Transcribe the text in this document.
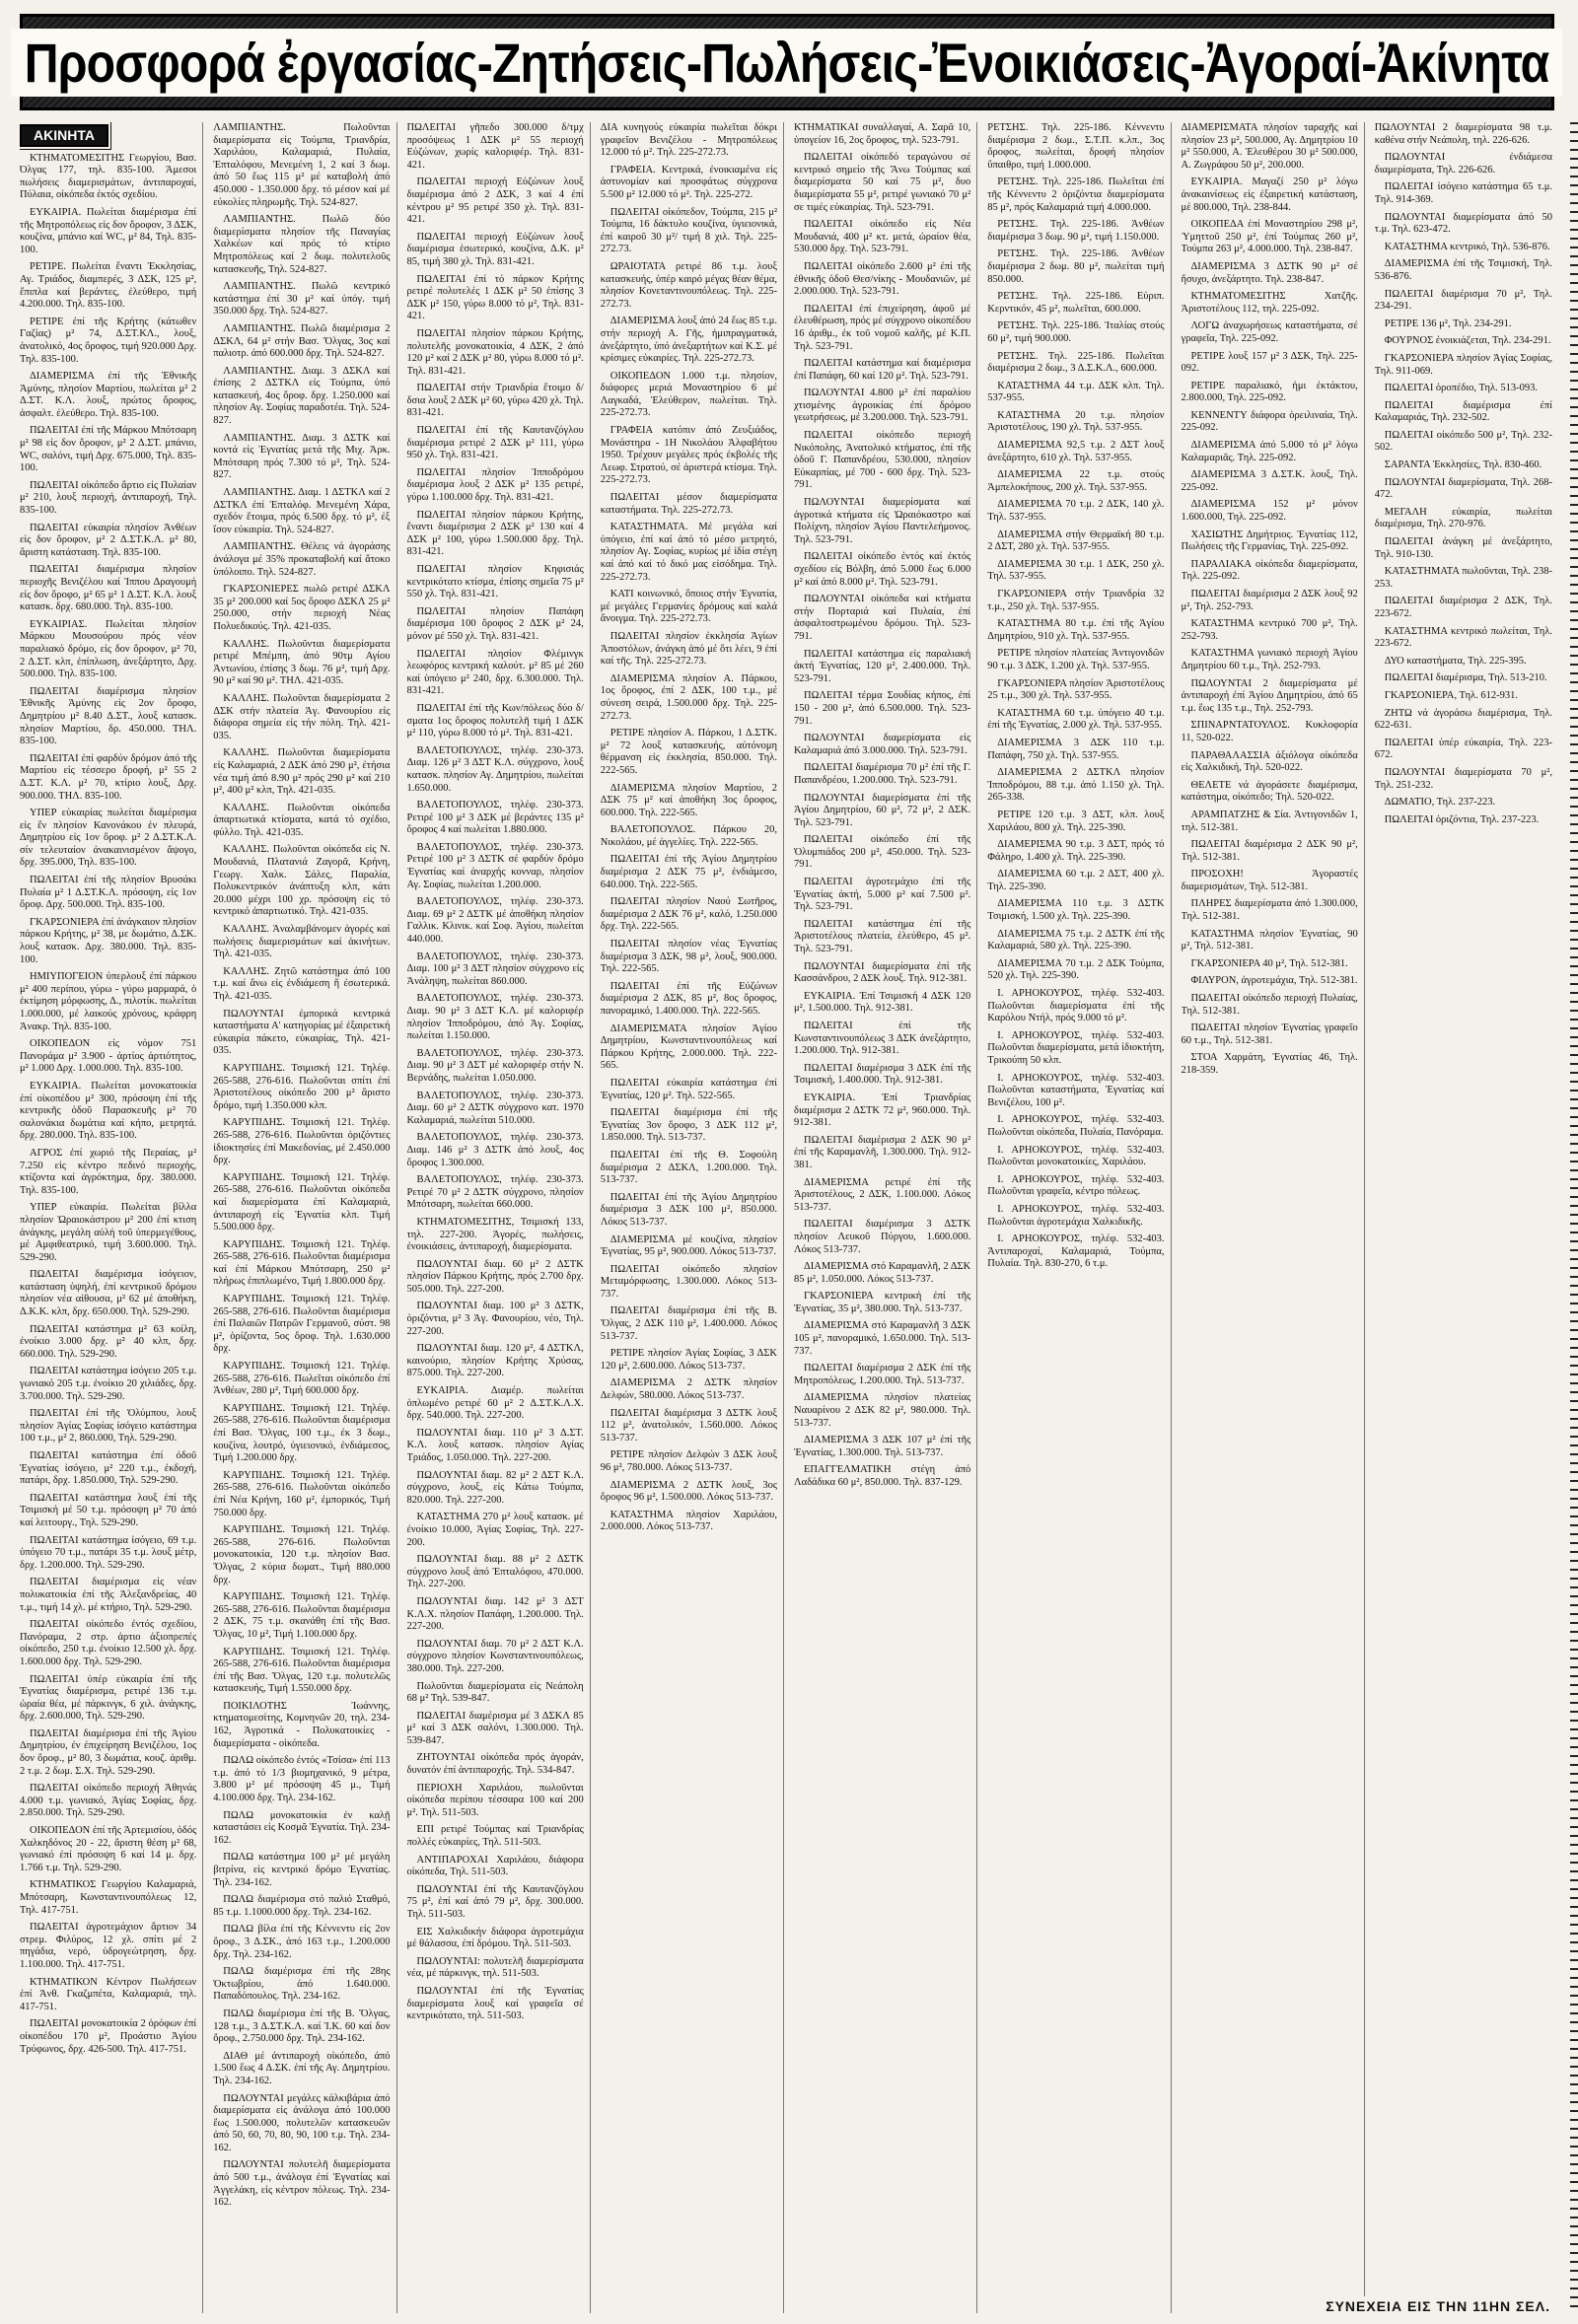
Προσφορά ἐργασίας-Ζητήσεις-Πωλήσεις-Ἐνοικιάσεις-Ἀγοραί-Ἀκίνητα
ΑΚΙΝΗΤΑ

ΚΤΗΜΑΤΟΜΕΣΙΤΗΣ Γεωργίου, Βασ. Όλγας 177, τηλ. 835-100. Άμεσοι πωλήσεις διαμερισμάτων, ἀντιπαροχαί, Πύλαια, οἰκόπεδα ἐκτός σχεδίου.

ΕΥΚΑΙΡΙΑ. Πωλείται διαμέρισμα ἐπί τῆς Μητροπόλεως εἰς δον ὄροφον, 3 ΔΣΚ, κουζίνα, μπάνιο καί WC, μ² 84, Τηλ. 835-100.

ΡΕΤΙΡΕ. Πωλείται ἔναντι Ἐκκλησίας, Αγ. Τριάδος, διαμπερές, 3 ΔΣΚ, 125 μ², ἔπιπλα καί βεράντες, ἐλεύθερο, τιμή 4.200.000. Τηλ. 835-100.

ΡΕΤΙΡΕ ἐπί τῆς Κρήτης (κάτωθεν Γαζίας) μ² 74, Δ.ΣΤ.ΚΛ., λουξ, ἀνατολικό, 4ος ὄροφος, τιμή 920.000 Δρχ. Τηλ. 835-100.

ΔΙΑΜΕΡΙΣΜΑ ἐπί τῆς Ἐθνικῆς Ἀμύνης, πλησίον Μαρτίου, πωλείται μ² 2 Δ.ΣΤ. Κ.Λ. λουξ, πρώτος ὄροφος, ἀσφαλτ. ἐλεύθερο. Τηλ. 835-100.

ΠΩΛΕΙΤΑΙ ἐπί τῆς Μάρκου Μπότσαρη μ² 98 εἰς δον ὄροφον, μ² 2 Δ.ΣΤ. μπάνιο, WC, σαλόνι, τιμή Δρχ. 675.000, Τηλ. 835-100.

ΠΩΛΕΙΤΑΙ οἰκόπεδο ἄρτιο εἰς Πυλαίαν μ² 210, λουξ περιοχή, ἀντιπαροχή, Τηλ. 835-100.

ΠΩΛΕΙΤΑΙ εὐκαιρία πλησίον Ἀνθέων εἰς δον ὄροφον, μ² 2 Δ.ΣΤ.Κ.Λ. μ² 80, ἄριστη κατάσταση. Τηλ. 835-100.

ΠΩΛΕΙΤΑΙ διαμέρισμα πλησίον περιοχῆς Βενιζέλου καί Ἰππου Δραγουμή εἰς δον ὄροφο, μ² 65 μ² 1 Δ.ΣΤ. Κ.Λ. λουξ κατασκ. δρχ. 680.000. Τηλ. 835-100.

ΕΥΚΑΙΡΙΑΣ. Πωλείται πλησίον Μάρκου Μουσούρου πρός νέον παραλιακό δρόμο, εἰς δον ὄροφον, μ² 70, 2 Δ.ΣΤ. κλπ, ἐπίπλωση, ἀνεξάρτητο, Δρχ. 500.000. Τηλ. 835-100.

ΠΩΛΕΙΤΑΙ διαμέρισμα πλησίον Ἐθνικῆς Ἀμύνης εἰς 2ον ὄροφο, Δημητρίου μ² 8.40 Δ.ΣΤ., λουξ κατασκ. πλησίον Μαρτίου, δρ. 450.000. ΤΗΛ. 835-100.

ΠΩΛΕΙΤΑΙ ἐπί φαρδύν δρόμον ἀπό τῆς Μαρτίου εἰς τέσσερο δροφή, μ² 55 2 Δ.ΣΤ. Κ.Λ. μ² 70, κτίριο λουξ, Δρχ. 900.000. ΤΗΛ. 835-100.

ΥΠΕΡ εὐκαιρίας πωλείται διαμέρισμα εἰς ἔν πλησίον Κανονάκου ἐν πλευρά, Δημητρίου εἰς 1ον ὄροφ. μ² 2 Δ.ΣΤ.Κ.Λ. σίν τελευταίον ἀνακαινισμένον ἄψογο, δρχ. 395.000, Τηλ. 835-100.

ΠΩΛΕΙΤΑΙ ἐπί τῆς πλησίον Βρυσάκι Πυλαία μ² 1 Δ.ΣΤ.Κ.Λ. πρόσοψη, εἰς 1ον ὄροφ. Δρχ. 500.000. Τηλ. 835-100.

ΓΚΑΡΣΟΝΙΕΡΑ ἐπί ἀνάγκαιον πλησίον πάρκου Κρήτης, μ² 38, με δωμάτιο, Δ.ΣΚ. λουξ κατασκ. Δρχ. 380.000. Τηλ. 835-100.

ΗΜΙΥΠΟΓΕΙΟΝ ὑπερλουξ ἐπί πάρκου μ² 400 περίπου, γύρω - γύρω μαρμαρά, ὁ ἐκτίμηση μόρφωσης, Δ., πιλοτίκ. πωλείται 1.000.000, μέ λαικούς χρόνους, κράφρη Ἀνακρ. Τηλ. 835-100.

ΟΙΚΟΠΕΔΟΝ εἰς νόμον 751 Πανοράμα μ² 3.900 - ἀρτίος ἀρτιότητος, μ² 1.000 Δρχ. 1.000.000. Τηλ. 835-100.

ΕΥΚΑΙΡΙΑ. Πωλείται μονοκατοικία ἐπί οἰκοπέδου μ² 300, πρόσοψη ἐπί τῆς κεντρικῆς ὁδοῦ Παρασκευῆς μ² 70 σαλονάκια δωμάτια καί κήπο, μετρητά. δρχ. 280.000. Τηλ. 835-100.

ΑΓΡΟΣ ἐπί χωριό τῆς Περαίας, μ² 7.250 εἰς κέντρο πεδινό περιοχής, κτίζοντα καί ἀγρόκτημα, δρχ. 380.000. Τηλ. 835-100.

ΥΠΕΡ εὐκαιρία. Πωλείται βίλλα πλησίον Ὡραιοκάστρου μ² 200 ἐπί κτιση ἀνάγκης, μεγάλη αὐλή τοῦ ὑπερμεγέθους, μέ Αμφιθεατρικό, τιμή 3.600.000. Τηλ. 529-290.

ΠΩΛΕΙΤΑΙ διαμέρισμα ἰσόγειον, κατάσταση ὑψηλή, ἐπί κεντρικοῦ δρόμου πλησίον νέα αἰθουσα, μ² 62 μέ ἀποθήκη, Δ.Κ.Κ. κλπ, δρχ. 650.000. Τηλ. 529-290.

ΠΩΛΕΙΤΑΙ κατάστημα μ² 63 κοίλη, ἐνοίκιο 3.000 δρχ. μ² 40 κλπ, δρχ. 660.000. Τηλ. 529-290.

ΠΩΛΕΙΤΑΙ κατάστημα ἰσόγειο 205 τ.μ. γωνιακό 205 τ.μ. ἐνοίκιο 20 χιλιάδες, δρχ. 3.700.000. Τηλ. 529-290.

ΠΩΛΕΙΤΑΙ ἐπί τῆς Ὀλύμπου, λουξ πλησίον Ἀγίας Σοφίας ἰσόγειο κατάστημα 100 τ.μ., μ² 2, 860.000, Τηλ. 529-290.

ΠΩΛΕΙΤΑΙ κατάστημα ἐπί ὁδοῦ Ἐγνατίας ἰσόγειο, μ² 220 τ.μ., ἐκδοχή, πατάρι, δρχ. 1.850.000, Τηλ. 529-290.

ΠΩΛΕΙΤΑΙ κατάστημα λουξ ἐπί τῆς Τσιμισκή μέ 50 τ.μ. πρόσοψη μ² 70 ἀπό καί λειτουργ., Τηλ. 529-290.

ΠΩΛΕΙΤΑΙ κατάστημα ἰσόγειο, 69 τ.μ. ὑπόγειο 70 τ.μ., πατάρι 35 τ.μ. λουξ μέτρ, δρχ. 1.200.000. Τηλ. 529-290.

ΠΩΛΕΙΤΑΙ διαμέρισμα εἰς νέαν πολυκατοικία ἐπί τῆς Ἀλεξανδρείας, 40 τ.μ., τιμή 14 χλ. μέ κτήριο, Τηλ. 529-290.

ΠΩΛΕΙΤΑΙ οἰκόπεδο ἐντός σχεδίου, Πανόραμα, 2 στρ. ἀρτιο ἀξιοπρεπές οἰκόπεδο, 250 τ.μ. ἐνοίκιο 12.500 χλ. δρχ. 1.600.000 δρχ. Τηλ. 529-290.

ΠΩΛΕΙΤΑΙ ὑπέρ εὐκαιρία ἐπί τῆς Ἐγνατίας διαμέρισμα, ρετιρέ 136 τ.μ. ὡραία θέα, μέ πάρκινγκ, 6 χιλ. ἀνάγκης, δρχ. 2.600.000, Τηλ. 529-290.

ΠΩΛΕΙΤΑΙ διαμέρισμα ἐπί τῆς Ἀγίου Δημητρίου, ἐν ἐπιχείρηση Βενιζέλου, 1ος δον ὄροφ., μ² 80, 3 δωμάτια, κουζ. ἀριθμ. 2 τ.μ. 2 δωμ. Σ.Χ. Τηλ. 529-290.

ΠΩΛΕΙΤΑΙ οἰκόπεδο περιοχή Ἀθηνάς 4.000 τ.μ. γωνιακό, Ἀγίας Σοφίας, δρχ. 2.850.000. Τηλ. 529-290.

ΟΙΚΟΠΕΔΟΝ ἐπί τῆς Ἀρτεμισίου, ὁδός Χαλκηδόνος 20 - 22, ἄριστη θέση μ² 68, γωνιακό ἐπί πρόσοψη 6 καί 14 μ. δρχ. 1.766 τ.μ. Τηλ. 529-290.

ΚΤΗΜΑΤΙΚΟΣ Γεωργίου Καλαμαριά, Μπότσαρη, Κωνσταντινουπόλεως 12, Τηλ. 417-751.

ΠΩΛΕΙΤΑΙ ἀγροτεμάχιον ἄρτιον 34 στρεμ. Φιλύρος, 12 χλ. σπίτι μέ 2 πηγάδια, νερό, ὑδρογεώτρηση, δρχ. 1.100.000. Τηλ. 417-751.

ΚΤΗΜΑΤΙΚΟΝ Κέντρον Πωλήσεων ἐπί Ἀνθ. Γκαζμπέτα, Καλαμαριά, τηλ. 417-751.

ΠΩΛΕΙΤΑΙ μονοκατοικία 2 ὀρόφων ἐπί οἰκοπέδου 170 μ², Προάστιο Ἀγίου Τρύφωνος, δρχ. 426-500. Τηλ. 417-751.

ΛΑΜΠΙΑΝΤΗΣ. Πωλοῦνται διαμερίσματα εἰς Τούμπα, Τριανδρία, Χαριλάου, Καλαμαριά, Πυλαία, Ἐπταλόφου, Μενεμένη 1, 2 καί 3 δωμ. ἀπό 50 ἕως 115 μ² μέ καταβολή ἀπό 450.000 - 1.350.000 δρχ. τό μέσον καί μέ εὐκολίες πληρωμῆς. Τηλ. 524-827.

ΛΑΜΠΙΑΝΤΗΣ. Πωλῶ δύο διαμερίσματα πλησίον τῆς Παναγίας Χαλκέων καί πρός τό κτίριο Μητροπόλεως καί 2 δωμ. πολυτελοῦς κατασκευῆς, Τηλ. 524-827.

ΛΑΜΠΙΑΝΤΗΣ. Πωλῶ κεντρικό κατάστημα ἐπί 30 μ² καί ὑπόγ. τιμή 350.000 δρχ. Τηλ. 524-827.

ΛΑΜΠΙΑΝΤΗΣ. Πωλῶ διαμέρισμα 2 ΔΣΚΛ, 64 μ² στήν Βασ. Ὄλγας, 3ος καί παλιοτρ. ἀπό 600.000 δρχ. Τηλ. 524-827.

ΛΑΜΠΙΑΝΤΗΣ. Διαμ. 3 ΔΣΚΛ καί ἐπίσης 2 ΔΣΤΚΛ εἰς Τούμπα, ὑπό κατασκευή, 4ος ὄροφ. δρχ. 1.250.000 καί πλησίον Αγ. Σοφίας παραδοτέα. Τηλ. 524-827.

ΛΑΜΠΙΑΝΤΗΣ. Διαμ. 3 ΔΣΤΚ καί κοντά εἰς Ἐγνατίας μετά τῆς Μιχ. Ἀρκ. Μπότσαρη πρός 7.300 τό μ², Τηλ. 524-827.

ΛΑΜΠΙΑΝΤΗΣ. Διαμ. 1 ΔΣΤΚΛ καί 2 ΔΣΤΚΛ ἐπί Ἐπταλόφ. Μενεμένη Χάρα, σχεδόν ἔτοιμα, πρός 6.500 δρχ. τό μ², ἐξ ἴσον εὐκαιρία. Τηλ. 524-827.

ΛΑΜΠΙΑΝΤΗΣ. Θέλεις νά ἀγοράσης ἀνάλογα μέ 35% προκαταβολή καί ἄτοκο ὑπόλοιπο. Τηλ. 524-827.

ΓΚΑΡΣΟΝΙΕΡΕΣ πωλῶ ρετιρέ ΔΣΚΛ 35 μ² 200.000 καί 5ος ὄροφο ΔΣΚΛ 25 μ² 250.000, στήν περιοχή Νέας Πολυεδικούς. Τηλ. 421-035.

ΚΑΛΛΗΣ. Πωλοῦνται διαμερίσματα ρετιρέ Μπέμπη, ἀπό 90τμ Αγίου Ἀντωνίου, ἐπίσης 3 δωμ. 76 μ², τιμή Δρχ. 90 μ² καί 90 μ². ΤΗΛ. 421-035.

ΚΑΛΛΗΣ. Πωλοῦνται διαμερίσματα 2 ΔΣΚ στήν πλατεία Ἀγ. Φανουρίου εἰς διάφορα σημεία εἰς τήν πόλη. Τηλ. 421-035.

ΚΑΛΛΗΣ. Πωλοῦνται διαμερίσματα εἰς Καλαμαριά, 2 ΔΣΚ ἀπό 290 μ², ἐτήσια νέα τιμή ἀπό 8.90 μ² πρός 290 μ² καί 210 μ², 400 μ² κλπ, Τηλ. 421-035.

ΚΑΛΛΗΣ. Πωλοῦνται οἰκόπεδα ἀπαρτιωτικά κτίσματα, κατά τό σχέδιο, φύλλο. Τηλ. 421-035.

ΚΑΛΛΗΣ. Πωλοῦνται οἰκόπεδα εἰς Ν. Μουδανιά, Πλατανιά Ζαγορᾶ, Κρήνη, Γεωργ. Χαλκ. Σάλες, Παραλία, Πολυκεντρικόν ἀνάπτυξη κλπ, κάτι 20.000 μέχρι 100 χρ. πρόσοψη εἰς τό κεντρικό ἀπαρτιωτικό. Τηλ. 421-035.

ΚΑΛΛΗΣ. Ἀναλαμβάνομεν ἀγορές καί πωλήσεις διαμερισμάτων καί ἀκινήτων. Τηλ. 421-035.

ΚΑΛΛΗΣ. Ζητῶ κατάστημα ἀπό 100 τ.μ. καί ἄνω εἰς ἐνδιάμεση ἤ ἐσωτερικά. Τηλ. 421-035.

ΠΩΛΟΥΝΤΑΙ ἐμπορικά κεντρικά καταστήματα Α' κατηγορίας μέ ἐξαιρετική εὐκαιρία πάκετο, εὐκαιρίας, Τηλ. 421-035.

ΚΑΡΥΠΙΔΗΣ. Τσιμισκή 121. Τηλέφ. 265-588, 276-616. Πωλοῦνται σπίτι ἐπί Ἀριστοτέλους οἰκόπεδο 200 μ² ἄριστο δρόμο, τιμή 1.350.000 κλπ.

ΚΑΡΥΠΙΔΗΣ. Τσιμισκή 121. Τηλέφ. 265-588, 276-616. Πωλοῦνται ὁριζόντιες ἰδιοκτησίες ἐπί Μακεδονίας, μέ 2.450.000 δρχ.

ΚΑΡΥΠΙΔΗΣ. Τσιμισκή 121. Τηλέφ. 265-588, 276-616. Πωλοῦνται οἰκόπεδα καί διαμερίσματα ἐπί Καλαμαριά, ἀντιπαροχή εἰς Ἐγνατία κλπ. Τιμή 5.500.000 δρχ.

ΚΑΡΥΠΙΔΗΣ. Τσιμισκή 121. Τηλέφ. 265-588, 276-616. Πωλοῦνται διαμέρισμα καί ἐπί Μάρκου Μπότσαρη, 250 μ² πλήρως ἐπιπλωμένο, Τιμή 1.800.000 δρχ.

ΚΑΡΥΠΙΔΗΣ. Τσιμισκή 121. Τηλέφ. 265-588, 276-616. Πωλοῦνται διαμέρισμα ἐπί Παλαιῶν Πατρῶν Γερμανοῦ, σύστ. 98 μ², ὁρίζοντα, 5ος ὄροφ. Τηλ. 1.630.000 δρχ.

ΚΑΡΥΠΙΔΗΣ. Τσιμισκή 121. Τηλέφ. 265-588, 276-616. Πωλεῖται οἰκόπεδο ἐπί Ἀνθέων, 280 μ², Τιμή 600.000 δρχ.

ΚΑΡΥΠΙΔΗΣ. Τσιμισκή 121. Τηλέφ. 265-588, 276-616. Πωλοῦνται διαμέρισμα ἐπί Βασ. Ὄλγας, 100 τ.μ., ἐκ 3 δωμ., κουζίνα, λουτρό, ὑγιειονικό, ἐνδιάμεσος, Τιμή 1.200.000 δρχ.

ΚΑΡΥΠΙΔΗΣ. Τσιμισκή 121. Τηλέφ. 265-588, 276-616. Πωλοῦνται οἰκόπεδο ἐπί Νέα Κρήνη, 160 μ², ἐμπορικός, Τιμή 750.000 δρχ.

ΚΑΡΥΠΙΔΗΣ. Τσιμισκή 121. Τηλέφ. 265-588, 276-616. Πωλοῦνται μονοκατοικία, 120 τ.μ. πλησίον Βασ. Ὄλγας, 2 κύρια δωματ., Τιμή 880.000 δρχ.

ΚΑΡΥΠΙΔΗΣ. Τσιμισκή 121. Τηλέφ. 265-588, 276-616. Πωλοῦνται διαμέρισμα 2 ΔΣΚ, 75 τ.μ. σκανάθη ἐπί τῆς Βασ. Ὄλγας, 10 μ², Τιμή 1.100.000 δρχ.

ΚΑΡΥΠΙΔΗΣ. Τσιμισκή 121. Τηλέφ. 265-588, 276-616. Πωλοῦνται διαμέρισμα ἐπί τῆς Βασ. Ὄλγας, 120 τ.μ. πολυτελῶς κατασκευής, Τιμή 1.550.000 δρχ.

ΠΟΙΚΙΛΟΤΗΣ Ἰωάννης, κτηματομεσίτης, Κομνηνῶν 20, τηλ. 234-162, Ἀγροτικά - Πολυκατοικίες - διαμερίσματα - οἰκόπεδα.

ΠΩΛΩ οἰκόπεδο ἐντός «Τσίσα» ἐπί 113 τ.μ. ἀπό τό 1/3 βιομηχανικό, 9 μέτρα, 3.800 μ² μέ πρόσοψη 45 μ., Τιμή 4.100.000 δρχ. Τηλ. 234-162.

ΠΩΛΩ μονοκατοικία ἐν καλῇ καταστάσει εἰς Κοσμᾶ Ἐγνατία. Τηλ. 234-162.

ΠΩΛΩ κατάστημα 100 μ² μέ μεγάλη βιτρίνα, εἰς κεντρικό δρόμο Ἐγνατίας. Τηλ. 234-162.

ΠΩΛΩ διαμέρισμα στό παλιό Σταθμό, 85 τ.μ. 1.1000.000 δρχ. Τηλ. 234-162.

ΠΩΛΩ βίλα ἐπί τῆς Κέννεντυ εἰς 2ον ὄροφ., 3 Δ.ΣΚ., ἀπό 163 τ.μ., 1.200.000 δρχ. Τηλ. 234-162.

ΠΩΛΩ διαμέρισμα ἐπί τῆς 28ης Ὀκτωβρίου, ἀπό 1.640.000. Παπαδόπουλος. Τηλ. 234-162.

ΠΩΛΩ διαμέρισμα ἐπί τῆς Β. Ὄλγας, 128 τ.μ., 3 Δ.ΣΤ.Κ.Λ. καί Ἰ.Κ. 60 καί δον ὄροφ., 2.750.000 δρχ. Τηλ. 234-162.

ΔΙΑΘ μέ ἀντιπαροχή οἰκόπεδο, ἀπό 1.500 ἕως 4 Δ.ΣΚ. ἐπί τῆς Αγ. Δημητρίου. Τηλ. 234-162.

ΠΩΛΟΥΝΤΑΙ μεγάλες κάλκιβάρια ἀπό διαμερίσματα εἰς ἀνάλογα ἀπό 100.000 ἕως 1.500.000, πολυτελῶν κατασκευῶν ἀπό 50, 60, 70, 80, 90, 100 τ.μ. Τηλ. 234-162.

ΠΩΛΟΥΝΤΑΙ πολυτελῆ διαμερίσματα ἀπό 500 τ.μ., ἀνάλογα ἐπί Ἐγνατίας καί Ἀγγελάκη, εἰς κέντρον πόλεως. Τηλ. 234-162.

ΠΩΛΕΙΤΑΙ γῆπεδο 300.000 δ/τμχ προσόψεως 1 ΔΣΚ μ² 55 περιοχή Εὐζώνων, χωρίς καλοριφέρ. Τηλ. 831-421.

ΠΩΛΕΙΤΑΙ περιοχή Εὐζώνων λουξ διαμέρισμα ἀπό 2 ΔΣΚ, 3 καί 4 ἐπί κέντρου μ² 95 ρετιρέ 350 χλ. Τηλ. 831-421.

ΠΩΛΕΙΤΑΙ περιοχή Εὐζώνων λουξ διαμέρισμα ἑσωτερικό, κουζίνα, Δ.Κ. μ² 85, τιμή 380 χλ. Τηλ. 831-421.

ΠΩΛΕΙΤΑΙ ἐπί τό πάρκον Κρήτης ρετιρέ πολυτελές 1 ΔΣΚ μ² 50 ἐπίσης 3 ΔΣΚ μ² 150, γύρω 8.000 τό μ², Τηλ. 831-421.

ΠΩΛΕΙΤΑΙ πλησίον πάρκου Κρήτης, πολυτελῆς μονοκατοικία, 4 ΔΣΚ, 2 ἀπό 120 μ² καί 2 ΔΣΚ μ² 80, γύρω 8.000 τό μ². Τηλ. 831-421.

ΠΩΛΕΙΤΑΙ στήν Τριανδρία ἔτοιμο δ/δσια λουξ 2 ΔΣΚ μ² 60, γύρω 420 χλ. Τηλ. 831-421.

ΠΩΛΕΙΤΑΙ ἐπί τῆς Καυτανζόγλου διαμέρισμα ρετιρέ 2 ΔΣΚ μ² 111, γύρω 950 χλ. Τηλ. 831-421.

ΠΩΛΕΙΤΑΙ πλησίον Ἱπποδρόμου διαμέρισμα λουξ 2 ΔΣΚ μ² 135 ρετιρέ, γύρω 1.100.000 δρχ. Τηλ. 831-421.

ΠΩΛΕΙΤΑΙ πλησίον πάρκου Κρήτης, ἔναντι διαμέρισμα 2 ΔΣΚ μ² 130 καί 4 ΔΣΚ μ² 100, γύρω 1.500.000 δρχ. Τηλ. 831-421.

ΠΩΛΕΙΤΑΙ πλησίον Κηφισιάς κεντρικότατο κτίσμα, ἐπίσης σημεῖα 75 μ² 550 χλ. Τηλ. 831-421.

ΠΩΛΕΙΤΑΙ πλησίον Παπάφη διαμέρισμα 100 ὄροφος 2 ΔΣΚ μ² 24, μόνον μέ 550 χλ. Τηλ. 831-421.

ΠΩΛΕΙΤΑΙ πλησίον Φλέμινγκ λεωφόρος κεντρική καλούτ. μ² 85 μέ 260 καί ὑπόγειο μ² 240, δρχ. 6.300.000. Τηλ. 831-421.

ΠΩΛΕΙΤΑΙ ἐπί τῆς Κων/πόλεως δύο δ/σματα 1ος ὄροφος πολυτελῆ τιμή 1 ΔΣΚ μ² 110, γύρω 8.000 τό μ². Τηλ. 831-421.

ΒΑΛΕΤΟΠΟΥΛΟΣ, τηλέφ. 230-373. Διαμ. 126 μ² 3 ΔΣΤ Κ.Λ. σύγχρονο, λουξ κατασκ. πλησίον Αγ. Δημητρίου, πωλείται 1.650.000.

ΒΑΛΕΤΟΠΟΥΛΟΣ, τηλέφ. 230-373. Ρετιρέ 100 μ² 3 ΔΣΚ μέ βεράντες 135 μ² ὄροφος 4 καί πωλείται 1.880.000.

ΒΑΛΕΤΟΠΟΥΛΟΣ, τηλέφ. 230-373. Ρετιρέ 100 μ² 3 ΔΣΤΚ σέ φαρδύν δρόμο Ἐγνατίας καί ἀναρχής κονναρ, πλησίον Αγ. Σοφίας, πωλείται 1.200.000.

ΒΑΛΕΤΟΠΟΥΛΟΣ, τηλέφ. 230-373. Διαμ. 69 μ² 2 ΔΣΤΚ μέ ἀποθήκη πλησίον Γαλλικ. Κλινικ. καί Σοφ. Ἀγίου, πωλείται 440.000.

ΒΑΛΕΤΟΠΟΥΛΟΣ, τηλέφ. 230-373. Διαμ. 100 μ² 3 ΔΣΤ πλησίον σύγχρονο εἰς Ἀνάληψη, πωλείται 860.000.

ΒΑΛΕΤΟΠΟΥΛΟΣ, τηλέφ. 230-373. Διαμ. 90 μ² 3 ΔΣΤ Κ.Λ. μέ καλοριφέρ πλησίον Ἱπποδρόμου, ἀπό Ἀγ. Σοφίας, πωλείται 1.150.000.

ΒΑΛΕΤΟΠΟΥΛΟΣ, τηλέφ. 230-373. Διαμ. 90 μ² 3 ΔΣΤ μέ καλοριφέρ στήν Ν. Βερνάδης, πωλείται 1.050.000.

ΒΑΛΕΤΟΠΟΥΛΟΣ, τηλέφ. 230-373. Διαμ. 60 μ² 2 ΔΣΤΚ σύγχρονο κατ. 1970 Καλαμαριά, πωλείται 510.000.

ΒΑΛΕΤΟΠΟΥΛΟΣ, τηλέφ. 230-373. Διαμ. 146 μ² 3 ΔΣΤΚ ἀπό λουξ, 4ος ὄροφος 1.300.000.

ΒΑΛΕΤΟΠΟΥΛΟΣ, τηλέφ. 230-373. Ρετιρέ 70 μ² 2 ΔΣΤΚ σύγχρονο, πλησίον Μπότσαρη, πωλείται 660.000.

ΚΤΗΜΑΤΟΜΕΣΙΤΗΣ, Τσιμισκή 133, τηλ. 227-200. Ἀγορές, πωλήσεις, ἐνοικιάσεις, ἀντιπαροχή, διαμερίσματα.

ΠΩΛΟΥΝΤΑΙ διαμ. 60 μ² 2 ΔΣΤΚ πλησίον Πάρκου Κρήτης, πρός 2.700 δρχ. 505.000. Τηλ. 227-200.

ΠΩΛΟΥΝΤΑΙ διαμ. 100 μ² 3 ΔΣΤΚ, ὁριζόντια, μ² 3 Ἀγ. Φανουρίου, νέο, Τηλ. 227-200.

ΠΩΛΟΥΝΤΑΙ διαμ. 120 μ², 4 ΔΣΤΚΛ, καινούριο, πλησίον Κρήτης Χρύσας, 875.000. Τηλ. 227-200.

ΕΥΚΑΙΡΙΑ. Διαμέρ. πωλείται ὁπλωμένο ρετιρέ 60 μ² 2 Δ.ΣΤ.Κ.Λ.Χ. δρχ. 540.000. Τηλ. 227-200.

ΠΩΛΟΥΝΤΑΙ διαμ. 110 μ² 3 Δ.ΣΤ. Κ.Λ. λουξ κατασκ. πλησίον Αγίας Τριάδος, 1.050.000. Τηλ. 227-200.

ΠΩΛΟΥΝΤΑΙ διαμ. 82 μ² 2 ΔΣΤ Κ.Λ. σύγχρονο, λουξ, εἰς Κάτω Τούμπα, 820.000. Τηλ. 227-200.

ΚΑΤΑΣΤΗΜΑ 270 μ² λουξ κατασκ. μέ ἐνοίκιο 10.000, Ἀγίας Σοφίας, Τηλ. 227-200.

ΠΩΛΟΥΝΤΑΙ διαμ. 88 μ² 2 ΔΣΤΚ σύγχρονο λουξ ἀπό Ἐπταλόφου, 470.000. Τηλ. 227-200.

ΠΩΛΟΥΝΤΑΙ διαμ. 142 μ² 3 ΔΣΤ Κ.Λ.Χ. πλησίον Παπάφη, 1.200.000. Τηλ. 227-200.

ΠΩΛΟΥΝΤΑΙ διαμ. 70 μ² 2 ΔΣΤ Κ.Λ. σύγχρονο πλησίον Κωνσταντινουπόλεως, 380.000. Τηλ. 227-200.

Πωλοῦνται διαμερίσματα εἰς Νεάπολη 68 μ² Τηλ. 539-847.

ΠΩΛΕΙΤΑΙ διαμέρισμα μέ 3 ΔΣΚΛ 85 μ² καί 3 ΔΣΚ σαλόνι, 1.300.000. Τηλ. 539-847.

ΖΗΤΟΥΝΤΑΙ οἰκόπεδα πρός ἀγοράν, δυνατόν ἐπί ἀντιπαροχής. Τηλ. 534-847.

ΠΕΡΙΟΧΗ Χαριλάου, πωλοῦνται οἰκόπεδα περίπου τέσσαρα 100 καί 200 μ². Τηλ. 511-503.

ΕΠΙ ρετιρέ Τούμπας καί Τριανδρίας πολλές εὐκαιρίες, Τηλ. 511-503.

ΑΝΤΙΠΑΡΟΧΑΙ Χαριλάου, διάφορα οἰκόπεδα, Τηλ. 511-503.

ΠΩΛΟΥΝΤΑΙ ἐπί τῆς Καυτανζόγλου 75 μ², ἐπί καί ἀπό 79 μ², δρχ. 300.000. Τηλ. 511-503.

ΕΙΣ Χαλκιδικήν διάφορα ἀγροτεμάχια μέ θάλασσα, ἐπί δρόμου. Τηλ. 511-503.

ΠΩΛΟΥΝΤΑΙ: πολυτελῆ διαμερίσματα νέα, μέ πάρκινγκ, τηλ. 511-503.

ΠΩΛΟΥΝΤΑΙ ἐπί τῆς Ἐγνατίας διαμερίσματα λουξ καί γραφεῖα σέ κεντρικότατο, τηλ. 511-503.

ΔΙΑ κυνηγούς εὐκαιρία πωλεῖται δόκρι γραφεῖον Βενιζέλου - Μητροπόλεως 12.000 τό μ². Τηλ. 225-272.73.

ΓΡΑΦΕΙΑ. Κεντρικά, ἐνοικιαμένα εἰς ἀστυνομίαν καί προσφάτως σύγχρονα 5.500 μ² 12.000 τό μ². Τηλ. 225-272.

ΠΩΛΕΙΤΑΙ οἰκόπεδον, Τούμπα, 215 μ² Τούμπα, 16 δάκτυλο κουζίνα, ὑγιειονικά, ἐπί καιροῦ 30 μ²/ τιμή 8 χιλ. Τηλ. 225-272.73.

ΩΡΑΙΟΤΑΤΑ ρετιρέ 86 τ.μ. λουξ κατασκευής, ὑπέρ καιρό μέγας θέαν θέμα, πλησίον Κονεταντινουπόλεως. Τηλ. 225-272.73.

ΔΙΑΜΕΡΙΣΜΑ λουξ ἀπό 24 ἕως 85 τ.μ. στήν περιοχή Α. Γῆς, ἡμιπραγματικά, ἀνεξάρτητο, ὑπό ἀνεξαρτήτων καί Κ.Σ. μέ κρίσιμες εὐκαιρίες. Τηλ. 225-272.73.

ΟΙΚΟΠΕΔΟΝ 1.000 τ.μ. πλησίον, διάφορες μεριά Μοναστηρίου 6 μέ Λαγκαδά, Ἐλεύθερον, πωλείται. Τηλ. 225-272.73.

ΓΡΑΦΕΙΑ κατόπιν ἀπό Ζευξιάδος, Μονάστηρα - 1Η Νικολάου Ἀλφαβήτου 1950. Τρέχουν μεγάλες πρός ἐκβολές τῆς Λεωφ. Στρατού, σέ ἀριστερά κτίσμα. Τηλ. 225-272.73.

ΠΩΛΕΙΤΑΙ μέσον διαμερίσματα καταστήματα. Τηλ. 225-272.73.

ΚΑΤΑΣΤΗΜΑΤΑ. Μέ μεγάλα καί ὑπόγειο, ἐπί καί ἀπό τό μέσο μετρητό, πλησίον Αγ. Σοφίας, κυρίως μέ ἰδία στέγη καί ἀπό καί τό δικό μας εἰσόδημα. Τηλ. 225-272.73.

ΚΑΤΙ κοινωνικό, ὅποιος στήν Ἐγνατία, μέ μεγάλες Γερμανίες δρόμους καί καλά ἄνοιγμα. Τηλ. 225-272.73.

ΠΩΛΕΙΤΑΙ πλησίον ἐκκλησία Ἁγίων Ἀποστόλων, ἀνάγκη ἀπό μέ ὅτι λέει, 9 ἐπί καί τῆς. Τηλ. 225-272.73.

ΔΙΑΜΕΡΙΣΜΑ πλησίον Α. Πάρκου, 1ος ὄροφος, ἐπί 2 ΔΣΚ, 100 τ.μ., μέ σύνεση σειρά, 1.500.000 δρχ. Τηλ. 225-272.73.

ΡΕΤΙΡΕ πλησίον Α. Πάρκου, 1 Δ.ΣΤΚ. μ² 72 λουξ κατασκευής, αὐτόνομη θέρμανση εἰς ἐκκλησία, 850.000. Τηλ. 222-565.

ΔΙΑΜΕΡΙΣΜΑ πλησίον Μαρτίου, 2 ΔΣΚ 75 μ² καί ἀποθήκη 3ος ὄροφος, 600.000. Τηλ. 222-565.

ΒΑΛΕΤΟΠΟΥΛΟΣ. Πάρκου 20, Νικολάου, μέ ἀγγελίες. Τηλ. 222-565.

ΠΩΛΕΙΤΑΙ ἐπί τῆς Ἀγίου Δημητρίου διαμέρισμα 2 ΔΣΚ 75 μ², ἐνδιάμεσο, 640.000. Τηλ. 222-565.

ΠΩΛΕΙΤΑΙ πλησίον Ναού Σωτῆρος, διαμέρισμα 2 ΔΣΚ 76 μ², καλό, 1.250.000 δρχ. Τηλ. 222-565.

ΠΩΛΕΙΤΑΙ πλησίον νέας Ἐγνατίας διαμέρισμα 3 ΔΣΚ, 98 μ², λουξ, 900.000. Τηλ. 222-565.

ΠΩΛΕΙΤΑΙ ἐπί τῆς Εὐζώνων διαμέρισμα 2 ΔΣΚ, 85 μ², 8ος ὄροφος, πανοραμικό, 1.400.000. Τηλ. 222-565.

ΔΙΑΜΕΡΙΣΜΑΤΑ πλησίον Ἀγίου Δημητρίου, Κωνσταντινουπόλεως καί Πάρκου Κρήτης, 2.000.000. Τηλ. 222-565.

ΠΩΛΕΙΤΑΙ εὐκαιρία κατάστημα ἐπί Ἐγνατίας, 120 μ². Τηλ. 522-565.

ΠΩΛΕΙΤΑΙ διαμέρισμα ἐπί τῆς Ἐγνατίας 3ον ὄροφο, 3 ΔΣΚ 112 μ², 1.850.000. Τηλ. 513-737.

ΠΩΛΕΙΤΑΙ ἐπί τῆς Θ. Σοφούλη διαμέρισμα 2 ΔΣΚΛ, 1.200.000. Τηλ. 513-737.

ΠΩΛΕΙΤΑΙ ἐπί τῆς Ἁγίου Δημητρίου διαμέρισμα 3 ΔΣΚ 100 μ², 850.000. Λόκος 513-737.

ΔΙΑΜΕΡΙΣΜΑ μέ κουζίνα, πλησίον Ἐγνατίας, 95 μ², 900.000. Λόκος 513-737.

ΠΩΛΕΙΤΑΙ οἰκόπεδο πλησίον Μεταμόρφωσης, 1.300.000. Λόκος 513-737.

ΠΩΛΕΙΤΑΙ διαμέρισμα ἐπί τῆς Β. Ὄλγας, 2 ΔΣΚ 110 μ², 1.400.000. Λόκος 513-737.

ΡΕΤΙΡΕ πλησίον Ἀγίας Σοφίας, 3 ΔΣΚ 120 μ², 2.600.000. Λόκος 513-737.

ΔΙΑΜΕΡΙΣΜΑ 2 ΔΣΤΚ πλησίον Δελφών, 580.000. Λόκος 513-737.

ΠΩΛΕΙΤΑΙ διαμέρισμα 3 ΔΣΤΚ λουξ 112 μ², ἀνατολικόν, 1.560.000. Λόκος 513-737.

ΡΕΤΙΡΕ πλησίον Δελφών 3 ΔΣΚ λουξ 96 μ², 780.000. Λόκος 513-737.

ΔΙΑΜΕΡΙΣΜΑ 2 ΔΣΤΚ λουξ, 3ος ὄροφος 96 μ², 1.500.000. Λόκος 513-737.

ΚΑΤΑΣΤΗΜΑ πλησίον Χαριλάου, 2.000.000. Λόκος 513-737.

ΚΤΗΜΑΤΙΚΑΙ συναλλαγαί, Α. Σαρᾶ 10, ὑπογείον 16, 2ος ὄροφος, τηλ. 523-791.

ΠΩΛΕΙΤΑΙ οἰκόπεδό τεραγώνου σέ κεντρικό σημείο τῆς Ἄνω Τούμπας καί διαμερίσματα 50 καί 75 μ², δυο διαμερίσματα 55 μ², ρετιρέ γωνιακό 70 μ² σε τιμές εὐκαιρίας. Τηλ. 523-791.

ΠΩΛΕΙΤΑΙ οἰκόπεδο εἰς Νέα Μουδανιά, 400 μ² κτ. μετά, ὡραίον θέα, 530.000 δρχ. Τηλ. 523-791.

ΠΩΛΕΙΤΑΙ οἰκόπεδο 2.600 μ² ἐπί τῆς ἐθνικῆς ὁδοῦ Θεσ/νίκης - Μουδανιῶν, μέ 2.000.000. Τηλ. 523-791.

ΠΩΛΕΙΤΑΙ ἐπί ἐπιχείρηση, ἀφοῦ μέ ἐλευθέρωση, πρός μέ σύγχρονο οἰκοπέδου 16 ἀριθμ., ἐκ τοῦ νομοῦ καλῆς, μέ Κ.Π. Τηλ. 523-791.

ΠΩΛΕΙΤΑΙ κατάστημα καί διαμέρισμα ἐπί Παπάφη, 60 καί 120 μ². Τηλ. 523-791.

ΠΩΛΟΥΝΤΑΙ 4.800 μ² ἐπί παραλίου χτισμένης ἀγροικίας ἐπί δρόμου γεωτρήσεως, μέ 3.200.000. Τηλ. 523-791.

ΠΩΛΕΙΤΑΙ οἰκόπεδο περιοχή Νικόπολης, Ἀνατολικό κτήματος, ἐπί τῆς ὁδοῦ Γ. Παπανδρέου, 530.000, πλησίον Εὐκαρπίας, μέ 700 - 600 δρχ. Τηλ. 523-791.

ΠΩΛΟΥΝΤΑΙ διαμερίσματα καί ἀγροτικά κτήματα εἰς Ὡραιόκαστρο καί Πολίχνη, πλησίον Ἀγίου Παντελεήμονος. Τηλ. 523-791.

ΠΩΛΕΙΤΑΙ οἰκόπεδο ἐντός καί ἐκτός σχεδίου εἰς Βόλβη, ἀπό 5.000 ἕως 6.000 μ² καί ἀπό 8.000 μ². Τηλ. 523-791.

ΠΩΛΟΥΝΤΑΙ οἰκόπεδα καί κτήματα στήν Πορταριά καί Πυλαία, ἐπί ἀσφαλτοστρωμένου δρόμου. Τηλ. 523-791.

ΠΩΛΕΙΤΑΙ κατάστημα εἰς παραλιακή ἀκτή Ἐγνατίας, 120 μ², 2.400.000. Τηλ. 523-791.

ΠΩΛΕΙΤΑΙ τέρμα Σουδίας κήπος, ἐπί 150 - 200 μ², ἀπό 6.500.000. Τηλ. 523-791.

ΠΩΛΟΥΝΤΑΙ διαμερίσματα εἰς Καλαμαριά ἀπό 3.000.000. Τηλ. 523-791.

ΠΩΛΕΙΤΑΙ διαμέρισμα 70 μ² ἐπί τῆς Γ. Παπανδρέου, 1.200.000. Τηλ. 523-791.

ΠΩΛΟΥΝΤΑΙ διαμερίσματα ἐπί τῆς Ἀγίου Δημητρίου, 60 μ², 72 μ², 2 ΔΣΚ. Τηλ. 523-791.

ΠΩΛΕΙΤΑΙ οἰκόπεδο ἐπί τῆς Ὀλυμπιάδος 200 μ², 450.000. Τηλ. 523-791.

ΠΩΛΕΙΤΑΙ ἀγροτεμάχιο ἐπί τῆς Ἐγνατίας ἀκτή, 5.000 μ² καί 7.500 μ². Τηλ. 523-791.

ΠΩΛΕΙΤΑΙ κατάστημα ἐπί τῆς Ἀριστοτέλους πλατεία, ἐλεύθερο, 45 μ². Τηλ. 523-791.

ΠΩΛΟΥΝΤΑΙ διαμερίσματα ἐπί τῆς Κασσάνδρου, 2 ΔΣΚ λουξ. Τηλ. 912-381.

ΕΥΚΑΙΡΙΑ. Ἐπί Τσιμισκή 4 ΔΣΚ 120 μ², 1.500.000. Τηλ. 912-381.

ΠΩΛΕΙΤΑΙ ἐπί τῆς Κωνσταντινουπόλεως 3 ΔΣΚ ἀνεξάρτητο, 1.200.000. Τηλ. 912-381.

ΠΩΛΕΙΤΑΙ διαμέρισμα 3 ΔΣΚ ἐπί τῆς Τσιμισκή, 1.400.000. Τηλ. 912-381.

ΕΥΚΑΙΡΙΑ. Ἐπί Τριανδρίας διαμέρισμα 2 ΔΣΤΚ 72 μ², 960.000. Τηλ. 912-381.

ΠΩΛΕΙΤΑΙ διαμέρισμα 2 ΔΣΚ 90 μ² ἐπί τῆς Καραμανλῆ, 1.300.000. Τηλ. 912-381.

ΔΙΑΜΕΡΙΣΜΑ ρετιρέ ἐπί τῆς Ἀριστοτέλους, 2 ΔΣΚ, 1.100.000. Λόκος 513-737.

ΠΩΛΕΙΤΑΙ διαμέρισμα 3 ΔΣΤΚ πλησίον Λευκοῦ Πύργου, 1.600.000. Λόκος 513-737.

ΔΙΑΜΕΡΙΣΜΑ στό Καραμανλῆ, 2 ΔΣΚ 85 μ², 1.050.000. Λόκος 513-737.

ΓΚΑΡΣΟΝΙΕΡΑ κεντρική ἐπί τῆς Ἐγνατίας, 35 μ², 380.000. Τηλ. 513-737.

ΔΙΑΜΕΡΙΣΜΑ στό Καραμανλῆ 3 ΔΣΚ 105 μ², πανοραμικό, 1.650.000. Τηλ. 513-737.

ΠΩΛΕΙΤΑΙ διαμέρισμα 2 ΔΣΚ ἐπί τῆς Μητροπόλεως, 1.200.000. Τηλ. 513-737.

ΔΙΑΜΕΡΙΣΜΑ πλησίον πλατείας Ναυαρίνου 2 ΔΣΚ 82 μ², 980.000. Τηλ. 513-737.

ΔΙΑΜΕΡΙΣΜΑ 3 ΔΣΚ 107 μ² ἐπί τῆς Ἐγνατίας, 1.300.000. Τηλ. 513-737.

ΕΠΑΓΓΕΛΜΑΤΙΚΗ στέγη ἀπό Λαδάδικα 60 μ², 850.000. Τηλ. 837-129.

ΡΕΤΣΗΣ. Τηλ. 225-186. Κέννεντυ διαμέρισμα 2 δωμ., Σ.Τ.Π. κ.λπ., 3ος ὄροφος, πωλείται, δροφή πλησίον ὕπαιθρο, τιμή 1.000.000.

ΡΕΤΣΗΣ. Τηλ. 225-186. Πωλεῖται ἐπί τῆς Κέννεντυ 2 ὁριζόντια διαμερίσματα 85 μ², πρός Καλαμαριά τιμή 4.000.000.

ΡΕΤΣΗΣ. Τηλ. 225-186. Ἀνθέων διαμέρισμα 3 δωμ. 90 μ², τιμή 1.150.000.

ΡΕΤΣΗΣ. Τηλ. 225-186. Ἀνθέων διαμέρισμα 2 δωμ. 80 μ², πωλείται τιμή 850.000.

ΡΕΤΣΗΣ. Τηλ. 225-186. Εὐριπ. Κερντικόν, 45 μ², πωλεῖται, 600.000.

ΡΕΤΣΗΣ. Τηλ. 225-186. Ἰταλίας στούς 60 μ², τιμή 900.000.

ΡΕΤΣΗΣ. Τηλ. 225-186. Πωλεῖται διαμέρισμα 2 δωμ., 3 Δ.Σ.Κ.Λ., 600.000.

ΚΑΤΑΣΤΗΜΑ 44 τ.μ. ΔΣΚ κλπ. Τηλ. 537-955.

ΚΑΤΑΣΤΗΜΑ 20 τ.μ. πλησίον Ἀριστοτέλους, 190 χλ. Τηλ. 537-955.

ΔΙΑΜΕΡΙΣΜΑ 92,5 τ.μ. 2 ΔΣΤ λουξ ἀνεξάρτητο, 610 χλ. Τηλ. 537-955.

ΔΙΑΜΕΡΙΣΜΑ 22 τ.μ. στούς Ἀμπελοκήπους, 200 χλ. Τηλ. 537-955.

ΔΙΑΜΕΡΙΣΜΑ 70 τ.μ. 2 ΔΣΚ, 140 χλ. Τηλ. 537-955.

ΔΙΑΜΕΡΙΣΜΑ στήν Θερμαϊκή 80 τ.μ. 2 ΔΣΤ, 280 χλ. Τηλ. 537-955.

ΔΙΑΜΕΡΙΣΜΑ 30 τ.μ. 1 ΔΣΚ, 250 χλ. Τηλ. 537-955.

ΓΚΑΡΣΟΝΙΕΡΑ στήν Τριανδρία 32 τ.μ., 250 χλ. Τηλ. 537-955.

ΚΑΤΑΣΤΗΜΑ 80 τ.μ. ἐπί τῆς Ἀγίου Δημητρίου, 910 χλ. Τηλ. 537-955.

ΡΕΤΙΡΕ πλησίον πλατείας Ἀντιγονιδῶν 90 τ.μ. 3 ΔΣΚ, 1.200 χλ. Τηλ. 537-955.

ΓΚΑΡΣΟΝΙΕΡΑ πλησίον Ἀριστοτέλους 25 τ.μ., 300 χλ. Τηλ. 537-955.

ΚΑΤΑΣΤΗΜΑ 60 τ.μ. ὑπόγειο 40 τ.μ. ἐπί τῆς Ἐγνατίας, 2.000 χλ. Τηλ. 537-955.

ΔΙΑΜΕΡΙΣΜΑ 3 ΔΣΚ 110 τ.μ. Παπάφη, 750 χλ. Τηλ. 537-955.

ΔΙΑΜΕΡΙΣΜΑ 2 ΔΣΤΚΛ πλησίον Ἱπποδρόμου, 88 τ.μ. ἀπό 1.150 χλ. Τηλ. 265-338.

ΡΕΤΙΡΕ 120 τ.μ. 3 ΔΣΤ, κλπ. λουξ Χαριλάου, 800 χλ. Τηλ. 225-390.

ΔΙΑΜΕΡΙΣΜΑ 90 τ.μ. 3 ΔΣΤ, πρός τό Φάληρο, 1.400 χλ. Τηλ. 225-390.

ΔΙΑΜΕΡΙΣΜΑ 60 τ.μ. 2 ΔΣΤ, 400 χλ. Τηλ. 225-390.

ΔΙΑΜΕΡΙΣΜΑ 110 τ.μ. 3 ΔΣΤΚ Τσιμισκή, 1.500 χλ. Τηλ. 225-390.

ΔΙΑΜΕΡΙΣΜΑ 75 τ.μ. 2 ΔΣΤΚ ἐπί τῆς Καλαμαριά, 580 χλ. Τηλ. 225-390.

ΔΙΑΜΕΡΙΣΜΑ 70 τ.μ. 2 ΔΣΚ Τούμπα, 520 χλ. Τηλ. 225-390.

Ι. ΑΡΗΟΚΟΥΡΟΣ, τηλέφ. 532-403. Πωλοῦνται διαμερίσματα ἐπί τῆς Καρόλου Ντήλ, πρός 9.000 τό μ².

Ι. ΑΡΗΟΚΟΥΡΟΣ, τηλέφ. 532-403. Πωλοῦνται διαμερίσματα, μετά ἰδιοκτήτη, Τρικούπη 50 κλπ.

Ι. ΑΡΗΟΚΟΥΡΟΣ, τηλέφ. 532-403. Πωλοῦνται καταστήματα, Ἐγνατίας καί Βενιζέλου, 100 μ².

Ι. ΑΡΗΟΚΟΥΡΟΣ, τηλέφ. 532-403. Πωλοῦνται οἰκόπεδα, Πυλαία, Πανόραμα.

Ι. ΑΡΗΟΚΟΥΡΟΣ, τηλέφ. 532-403. Πωλοῦνται μονοκατοικίες, Χαριλάου.

Ι. ΑΡΗΟΚΟΥΡΟΣ, τηλέφ. 532-403. Πωλοῦνται γραφεῖα, κέντρο πόλεως.

Ι. ΑΡΗΟΚΟΥΡΟΣ, τηλέφ. 532-403. Πωλοῦνται ἀγροτεμάχια Χαλκιδικῆς.

Ι. ΑΡΗΟΚΟΥΡΟΣ, τηλέφ. 532-403. Ἀντιπαροχαί, Καλαμαριά, Τούμπα, Πυλαία. Τηλ. 830-270, 6 τ.μ.

ΔΙΑΜΕΡΙΣΜΑΤΑ πλησίον ταραχῆς καί πλησίον 23 μ², 500.000, Αγ. Δημητρίου 10 μ² 550.000, Α. Ἐλευθέρου 30 μ² 500.000, Α. Ζωγράφου 50 μ², 200.000.

ΕΥΚΑΙΡΙΑ. Μαγαζί 250 μ² λόγω ἀνακαινίσεως εἰς ἐξαιρετική κατάσταση, μέ 800.000, Τηλ. 238-844.

ΟΙΚΟΠΕΔΑ ἐπί Μοναστηρίου 298 μ², Ὑμηττοῦ 250 μ², ἐπί Τούμπας 260 μ², Τούμπα 263 μ², 4.000.000. Τηλ. 238-847.

ΔΙΑΜΕΡΙΣΜΑ 3 ΔΣΤΚ 90 μ² σέ ἤσυχο, ἀνεξάρτητο. Τηλ. 238-847.

ΚΤΗΜΑΤΟΜΕΣΙΤΗΣ Χατζῆς. Ἀριστοτέλους 112, τηλ. 225-092.

ΛΟΓΩ ἀναχωρήσεως καταστήματα, σέ γραφεῖα, Τηλ. 225-092.

ΡΕΤΙΡΕ λουξ 157 μ² 3 ΔΣΚ, Τηλ. 225-092.

ΡΕΤΙΡΕ παραλιακό, ἡμι ἐκτάκτου, 2.800.000, Τηλ. 225-092.

ΚΕΝΝΕΝΤΥ διάφορα ὁρειλιναία, Τηλ. 225-092.

ΔΙΑΜΕΡΙΣΜΑ ἀπό 5.000 τό μ² λόγω Καλαμαριᾶς. Τηλ. 225-092.

ΔΙΑΜΕΡΙΣΜΑ 3 Δ.ΣΤ.Κ. λουξ, Τηλ. 225-092.

ΔΙΑΜΕΡΙΣΜΑ 152 μ² μόνον 1.600.000, Τηλ. 225-092.

ΧΑΣΙΩΤΗΣ Δημήτριος. Ἐγνατίας 112, Πωλήσεις τῆς Γερμανίας, Τηλ. 225-092.

ΠΑΡΑΛΙΑΚΑ οἰκόπεδα διαμερίσματα, Τηλ. 225-092.

ΠΩΛΕΙΤΑΙ διαμέρισμα 2 ΔΣΚ λουξ 92 μ², Τηλ. 252-793.

ΚΑΤΑΣΤΗΜΑ κεντρικό 700 μ², Τηλ. 252-793.

ΚΑΤΑΣΤΗΜΑ γωνιακό περιοχή Ἀγίου Δημητρίου 60 τ.μ., Τηλ. 252-793.

ΠΩΛΟΥΝΤΑΙ 2 διαμερίσματα μέ ἀντιπαροχή ἐπί Ἀγίου Δημητρίου, ἀπό 65 τ.μ. ἕως 135 τ.μ., Τηλ. 252-793.

ΣΠΙΝΑΡΝΤΑΤΟΥΛΟΣ. Κυκλοφορία 11, 520-022.

ΠΑΡΑΘΑΛΑΣΣΙΑ ἀξιόλογα οἰκόπεδα εἰς Χαλκιδική, Τηλ. 520-022.

ΘΕΛΕΤΕ νά ἀγοράσετε διαμέρισμα, κατάστημα, οἰκόπεδο; Τηλ. 520-022.

ΑΡΑΜΠΑΤΖΗΣ & Σία. Ἀντιγονιδῶν 1, τηλ. 512-381.

ΠΩΛΕΙΤΑΙ διαμέρισμα 2 ΔΣΚ 90 μ², Τηλ. 512-381.

ΠΡΟΣΟΧΗ! Ἀγοραστές διαμερισμάτων, Τηλ. 512-381.

ΠΛΗΡΕΣ διαμερίσματα ἀπό 1.300.000, Τηλ. 512-381.

ΚΑΤΑΣΤΗΜΑ πλησίον Ἐγνατίας, 90 μ², Τηλ. 512-381.

ΓΚΑΡΣΟΝΙΕΡΑ 40 μ², Τηλ. 512-381.

ΦΙΛΥΡΟΝ, ἀγροτεμάχια, Τηλ. 512-381.

ΠΩΛΕΙΤΑΙ οἰκόπεδο περιοχή Πυλαίας, Τηλ. 512-381.

ΠΩΛΕΙΤΑΙ πλησίον Ἐγνατίας γραφεῖο 60 τ.μ., Τηλ. 512-381.

ΣΤΟΑ Χαρμάτη, Ἐγνατίας 46, Τηλ. 218-359.

ΠΩΛΟΥΝΤΑΙ 2 διαμερίσματα 98 τ.μ. καθένα στήν Νεάπολη, τηλ. 226-626.

ΠΩΛΟΥΝΤΑΙ ἐνδιάμεσα διαμερίσματα, Τηλ. 226-626.

ΠΩΛΕΙΤΑΙ ἰσόγειο κατάστημα 65 τ.μ. Τηλ. 914-369.

ΠΩΛΟΥΝΤΑΙ διαμερίσματα ἀπό 50 τ.μ. Τηλ. 623-472.

ΚΑΤΑΣΤΗΜΑ κεντρικό, Τηλ. 536-876.

ΔΙΑΜΕΡΙΣΜΑ ἐπί τῆς Τσιμισκή, Τηλ. 536-876.

ΠΩΛΕΙΤΑΙ διαμέρισμα 70 μ², Τηλ. 234-291.

ΡΕΤΙΡΕ 136 μ², Τηλ. 234-291.

ΦΟΥΡΝΟΣ ἐνοικιάζεται, Τηλ. 234-291.

ΓΚΑΡΣΟΝΙΕΡΑ πλησίον Ἀγίας Σοφίας, Τηλ. 911-069.

ΠΩΛΕΙΤΑΙ ὁροπέδιο, Τηλ. 513-093.

ΠΩΛΕΙΤΑΙ διαμέρισμα ἐπί Καλαμαριάς, Τηλ. 232-502.

ΠΩΛΕΙΤΑΙ οἰκόπεδο 500 μ², Τηλ. 232-502.

ΣΑΡΑΝΤΑ Ἐκκλησίες, Τηλ. 830-460.

ΠΩΛΟΥΝΤΑΙ διαμερίσματα, Τηλ. 268-472.

ΜΕΓΑΛΗ εὐκαιρία, πωλείται διαμέρισμα, Τηλ. 270-976.

ΠΩΛΕΙΤΑΙ ἀνάγκη μέ ἀνεξάρτητο, Τηλ. 910-130.

ΚΑΤΑΣΤΗΜΑΤΑ πωλοῦνται, Τηλ. 238-253.

ΠΩΛΕΙΤΑΙ διαμέρισμα 2 ΔΣΚ, Τηλ. 223-672.

ΚΑΤΑΣΤΗΜΑ κεντρικό πωλείται, Τηλ. 223-672.

ΔΥΟ καταστήματα, Τηλ. 225-395.

ΠΩΛΕΙΤΑΙ διαμέρισμα, Τηλ. 513-210.

ΓΚΑΡΣΟΝΙΕΡΑ, Τηλ. 612-931.

ΖΗΤΩ νά ἀγοράσω διαμέρισμα, Τηλ. 622-631.

ΠΩΛΕΙΤΑΙ ὑπέρ εὐκαιρία, Τηλ. 223-672.

ΠΩΛΟΥΝΤΑΙ διαμερίσματα 70 μ², Τηλ. 251-232.

ΔΩΜΑΤΙΟ, Τηλ. 237-223.

ΠΩΛΕΙΤΑΙ ὁριζόντια, Τηλ. 237-223.

ΣΥΝΕΧΕΙΑ ΕΙΣ ΤΗΝ 11ΗΝ ΣΕΛ.
